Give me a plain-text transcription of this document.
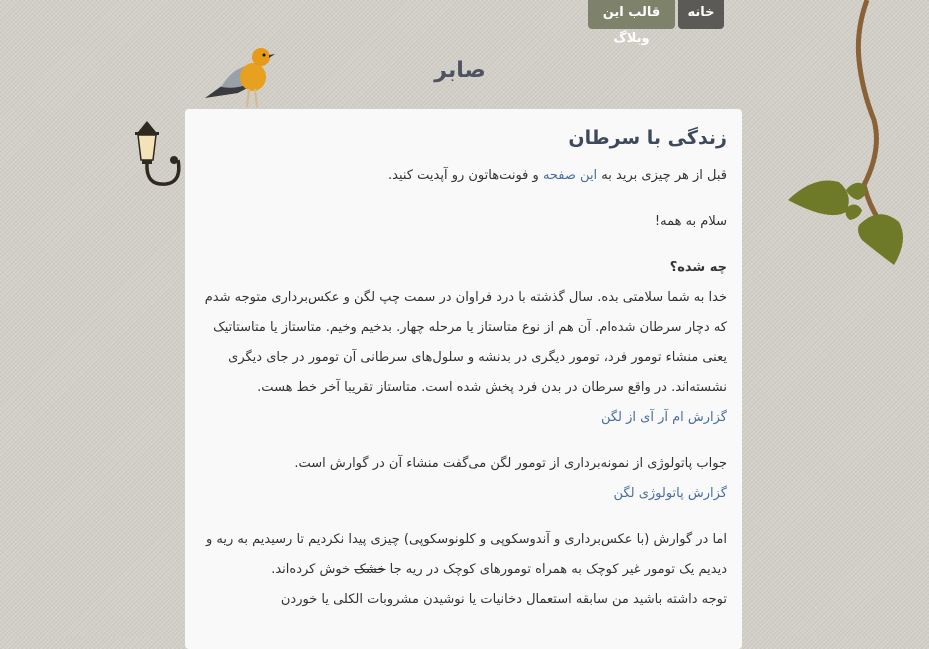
قالب این وبلاگ
خانه
صابر
زندگی با سرطان

قبل از هر چیزی برید به این صفحه و فونت‌هاتون رو آپدیت کنید.

سلام به همه!

چه شده؟

خدا به شما سلامتی بده. سال گذشته با درد فراوان در سمت چپ لگن و عکس‌برداری متوجه شدم که دچار سرطان شده‌ام. آن هم از نوع متاستاز یا مرحله چهار. بدخیم وخیم. متاستاز یا متاستاتیک یعنی منشاء تومور فرد، تومور دیگری در بدنشه و سلول‌های سرطانی آن تومور در جای دیگری نشسته‌اند. در واقع سرطان در بدن فرد پخش شده است. متاستاز تقریبا آخر خط هست.

گزارش ام آر آی از لگن

جواب پاتولوژی از نمونه‌برداری از تومور لگن می‌گفت منشاء آن در گوارش است.

گزارش پاتولوژی لگن

اما در گوارش (با عکس‌برداری و آندوسکوپی و کلونوسکوپی) چیزی پیدا نکردیم تا رسیدیم به ریه و دیدیم یک تومور غیر کوچک به همراه تومورهای کوچک در ریه جا خشک خوش کرده‌اند.

توجه داشته باشید من سابقه استعمال دخانیات یا نوشیدن مشروبات الکلی یا خوردن
